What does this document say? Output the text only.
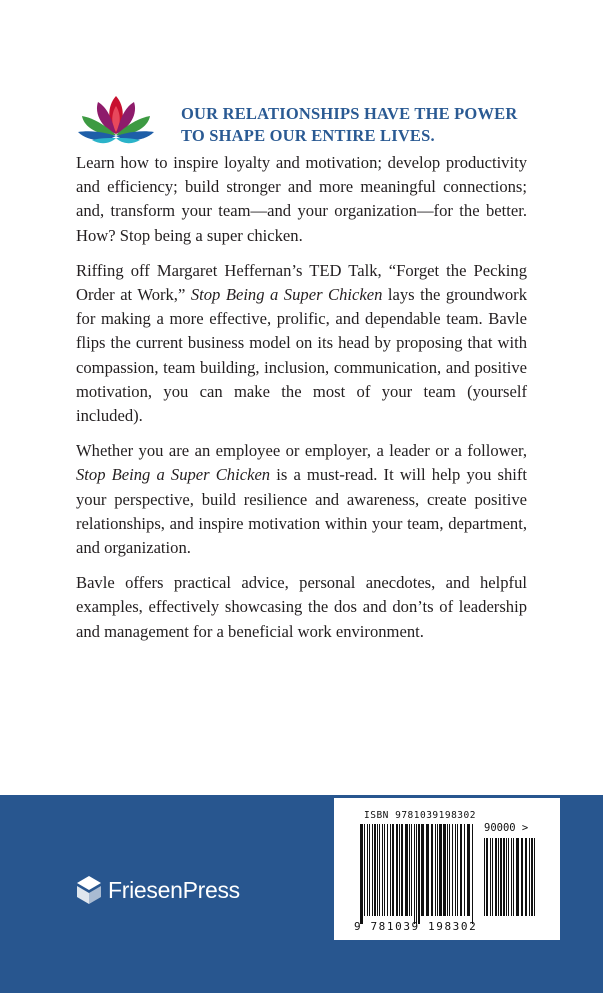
OUR RELATIONSHIPS HAVE THE POWER
TO SHAPE OUR ENTIRE LIVES.

Learn how to inspire loyalty and motivation; develop productivity and efficiency; build stronger and more meaningful connections; and, transform your team—and your organization—for the better. How? Stop being a super chicken.

Riffing off Margaret Heffernan’s TED Talk, “Forget the Pecking Order at Work,” Stop Being a Super Chicken lays the groundwork for making a more effective, prolific, and dependable team. Bavle flips the current business model on its head by proposing that with compassion, team building, inclusion, communication, and positive motivation, you can make the most of your team (yourself included).

Whether you are an employee or employer, a leader or a follower, Stop Being a Super Chicken is a must-read. It will help you shift your perspective, build resilience and awareness, create positive relationships, and inspire motivation within your team, department, and organization.

Bavle offers practical advice, personal anecdotes, and helpful examples, effectively showcasing the dos and don’ts of leadership and management for a beneficial work environment.

FriesenPress
ISBN 9781039198302
90000 >
9 781039 198302
